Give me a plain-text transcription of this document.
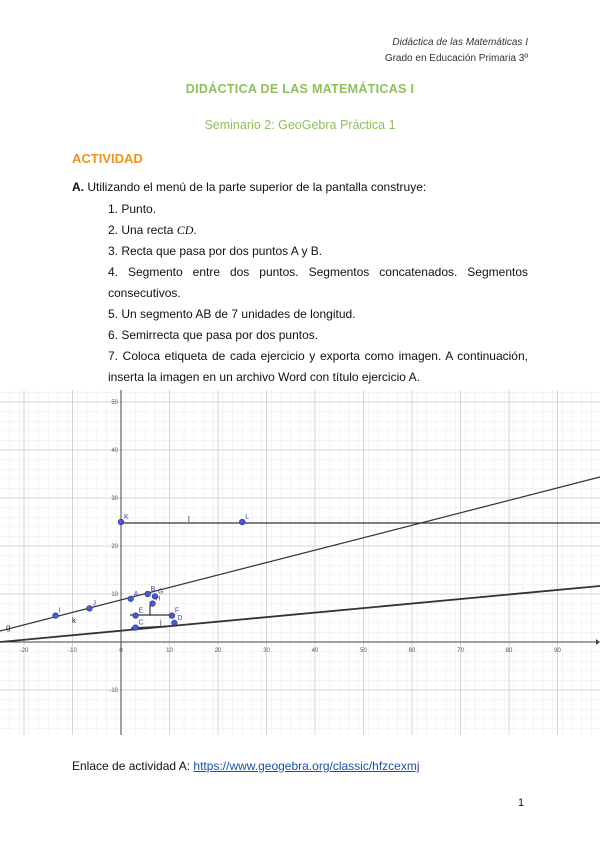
Didáctica de las Matemáticas I
Grado en Educación Primaria 3º
DIDÁCTICA DE LAS MATEMÁTICAS I
Seminario 2: GeoGebra Práctica 1
ACTIVIDAD
A. Utilizando el menú de la parte superior de la pantalla construye:
1. Punto.
2. Una recta CD.
3. Recta que pasa por dos puntos A y B.
4. Segmento entre dos puntos. Segmentos concatenados. Segmentos consecutivos.
5. Un segmento AB de 7 unidades de longitud.
6. Semirrecta que pasa por dos puntos.
7. Coloca etiqueta de cada ejercicio y exporta como imagen. A continuación, inserta la imagen en un archivo Word con título ejercicio A.
-20	-10	0	10	20	30	40	50	60	70	80	90
50
40
30
20
10
-10
g
k
l
j
A
B G
K	L
I
J
E	F
H
C
D
Enlace de actividad A: https://www.geogebra.org/classic/hfzcexmj
1
